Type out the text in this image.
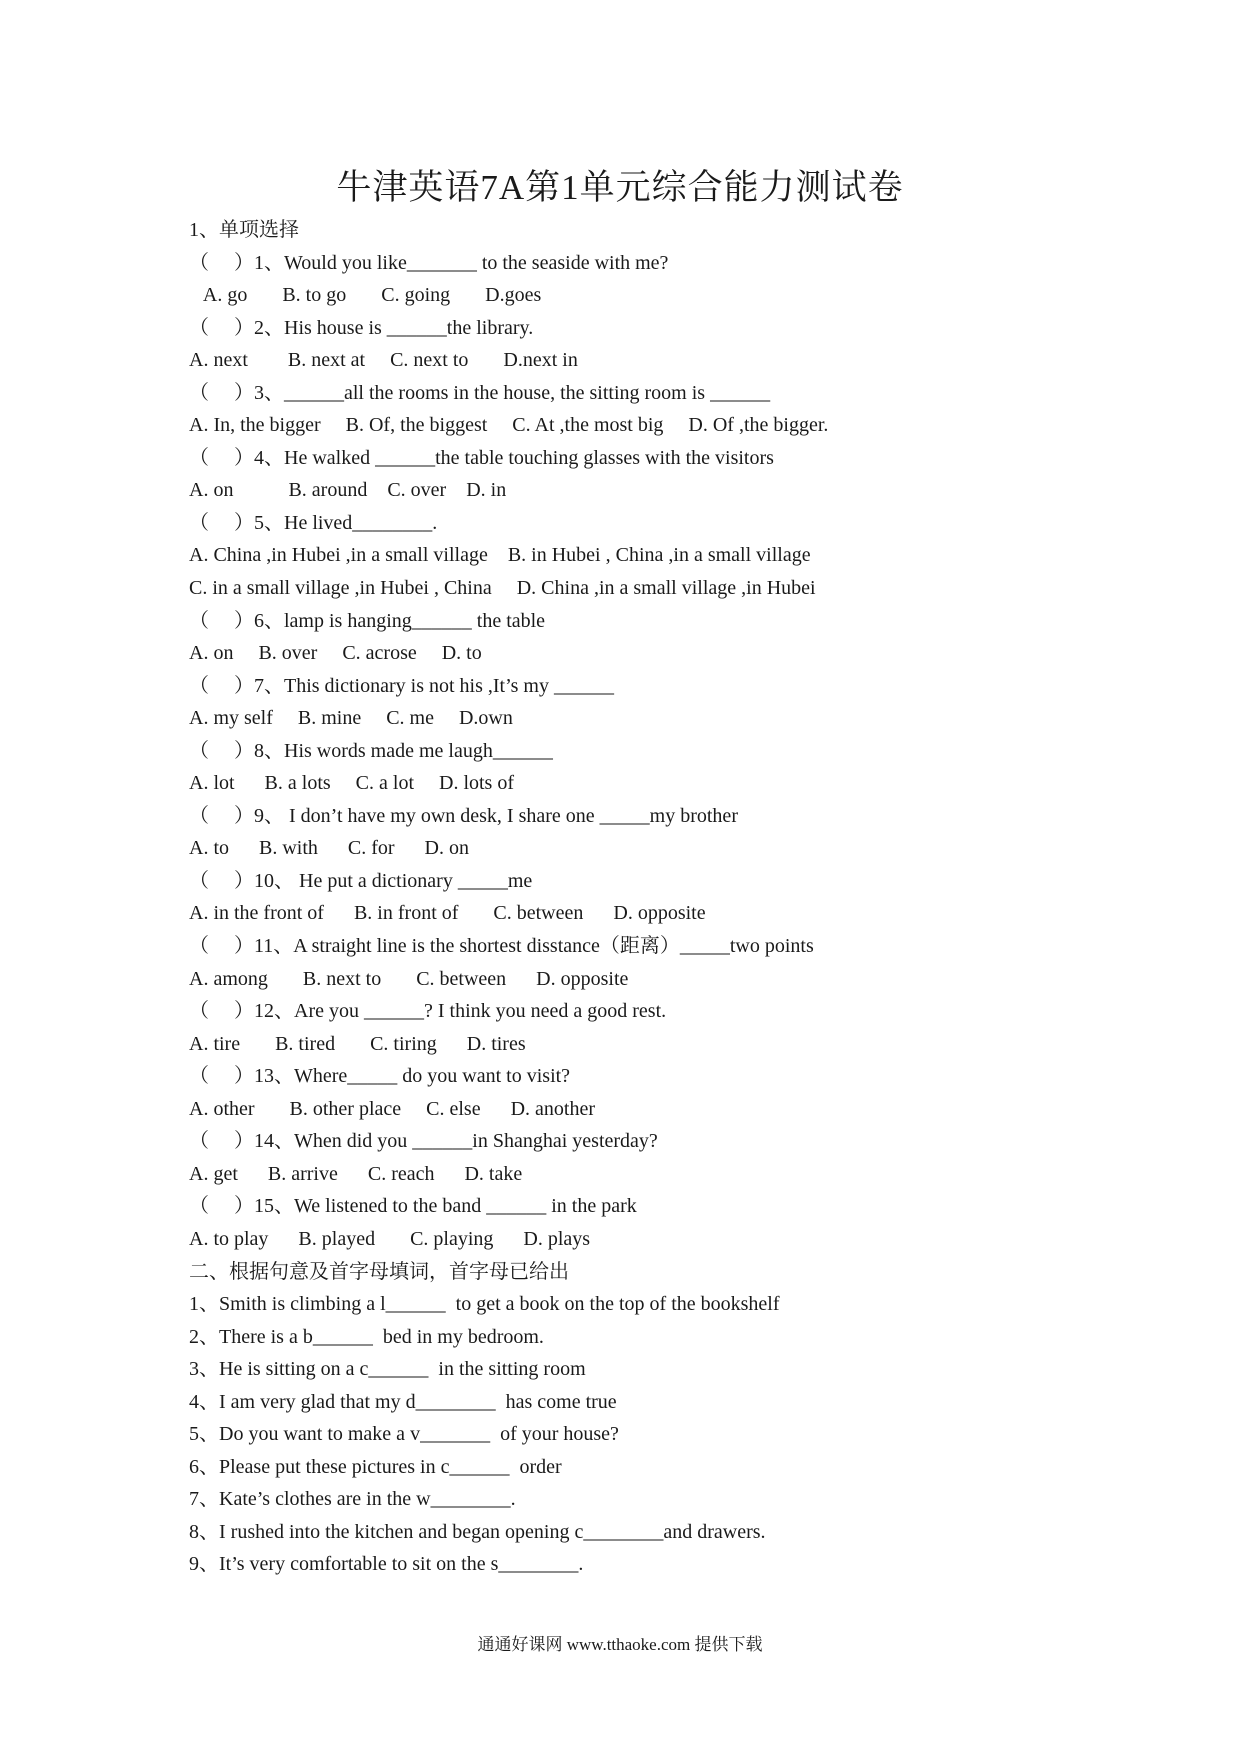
牛津英语7A第1单元综合能力测试卷
1、单项选择
（     ）1、Would you like_______ to the seaside with me?
A. go       B. to go       C. going       D.goes
（     ）2、His house is ______the library.
A. next        B. next at     C. next to       D.next in
（     ）3、______all the rooms in the house, the sitting room is ______
A. In, the bigger     B. Of, the biggest     C. At ,the most big     D. Of ,the bigger.
（     ）4、He walked ______the table touching glasses with the visitors
A. on           B. around    C. over    D. in
（     ）5、He lived________.
A. China ,in Hubei ,in a small village    B. in Hubei , China ,in a small village
C. in a small village ,in Hubei , China     D. China ,in a small village ,in Hubei
（     ）6、lamp is hanging______ the table
A. on     B. over     C. acrose     D. to
（     ）7、This dictionary is not his ,It’s my ______
A. my self     B. mine     C. me     D.own
（     ）8、His words made me laugh______
A. lot      B. a lots     C. a lot     D. lots of
（     ）9、 I don’t have my own desk, I share one _____my brother
A. to      B. with      C. for      D. on
（     ）10、 He put a dictionary _____me
A. in the front of      B. in front of       C. between      D. opposite
（     ）11、A straight line is the shortest disstance（距离）_____two points
A. among       B. next to       C. between      D. opposite
（     ）12、Are you ______? I think you need a good rest.
A. tire       B. tired       C. tiring      D. tires
（     ）13、Where_____ do you want to visit?
A. other       B. other place     C. else      D. another
（     ）14、When did you ______in Shanghai yesterday?
A. get      B. arrive      C. reach      D. take
（     ）15、We listened to the band ______ in the park
A. to play      B. played       C. playing      D. plays
二、根据句意及首字母填词，首字母已给出
1、Smith is climbing a l______  to get a book on the top of the bookshelf
2、There is a b______  bed in my bedroom.
3、He is sitting on a c______  in the sitting room
4、I am very glad that my d________  has come true
5、Do you want to make a v_______  of your house?
6、Please put these pictures in c______  order
7、Kate’s clothes are in the w________.
8、I rushed into the kitchen and began opening c________and drawers.
9、It’s very comfortable to sit on the s________.
通通好课网 www.tthaoke.com 提供下载
